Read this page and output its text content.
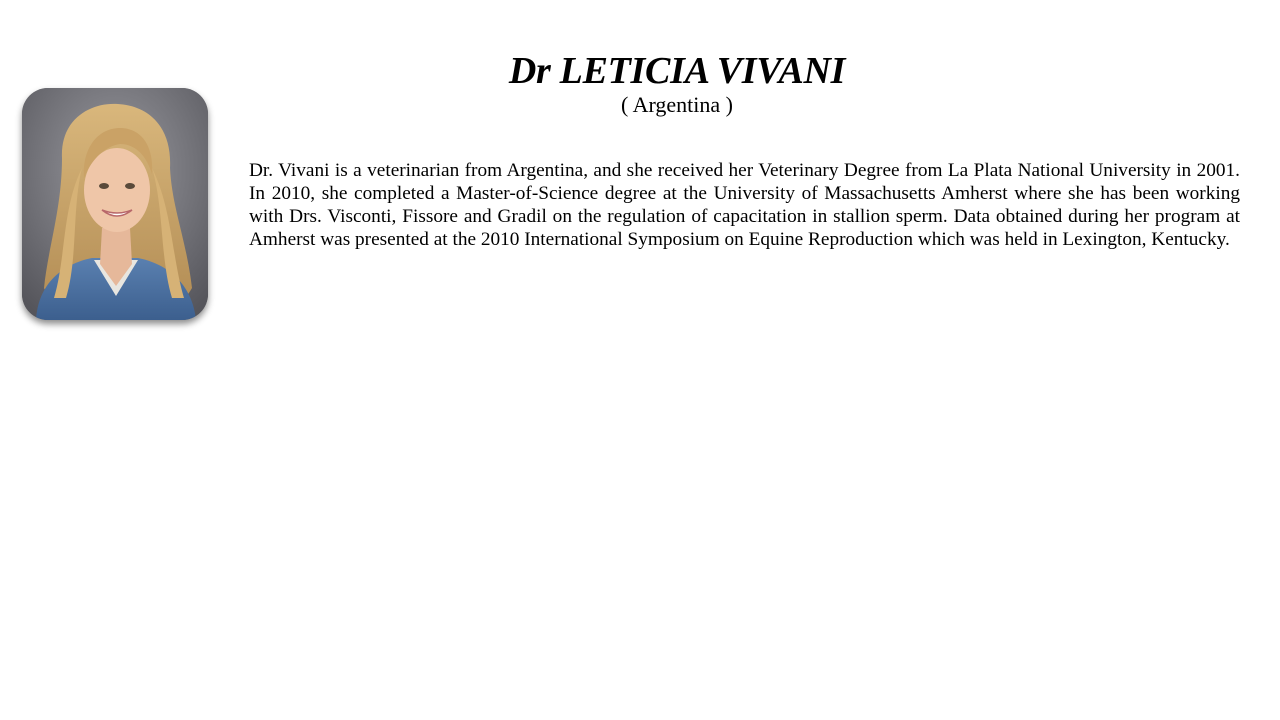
Dr LETICIA VIVANI
( Argentina )

Dr. Vivani is a veterinarian from Argentina, and she received her Veterinary Degree from La Plata National University in 2001. In 2010, she completed a Master-of-Science degree at the University of Massachusetts Amherst where she has been working with Drs. Visconti, Fissore and Gradil on the regulation of capacitation in stallion sperm. Data obtained during her program at Amherst was presented at the 2010 International Symposium on Equine Reproduction which was held in Lexington, Kentucky.
